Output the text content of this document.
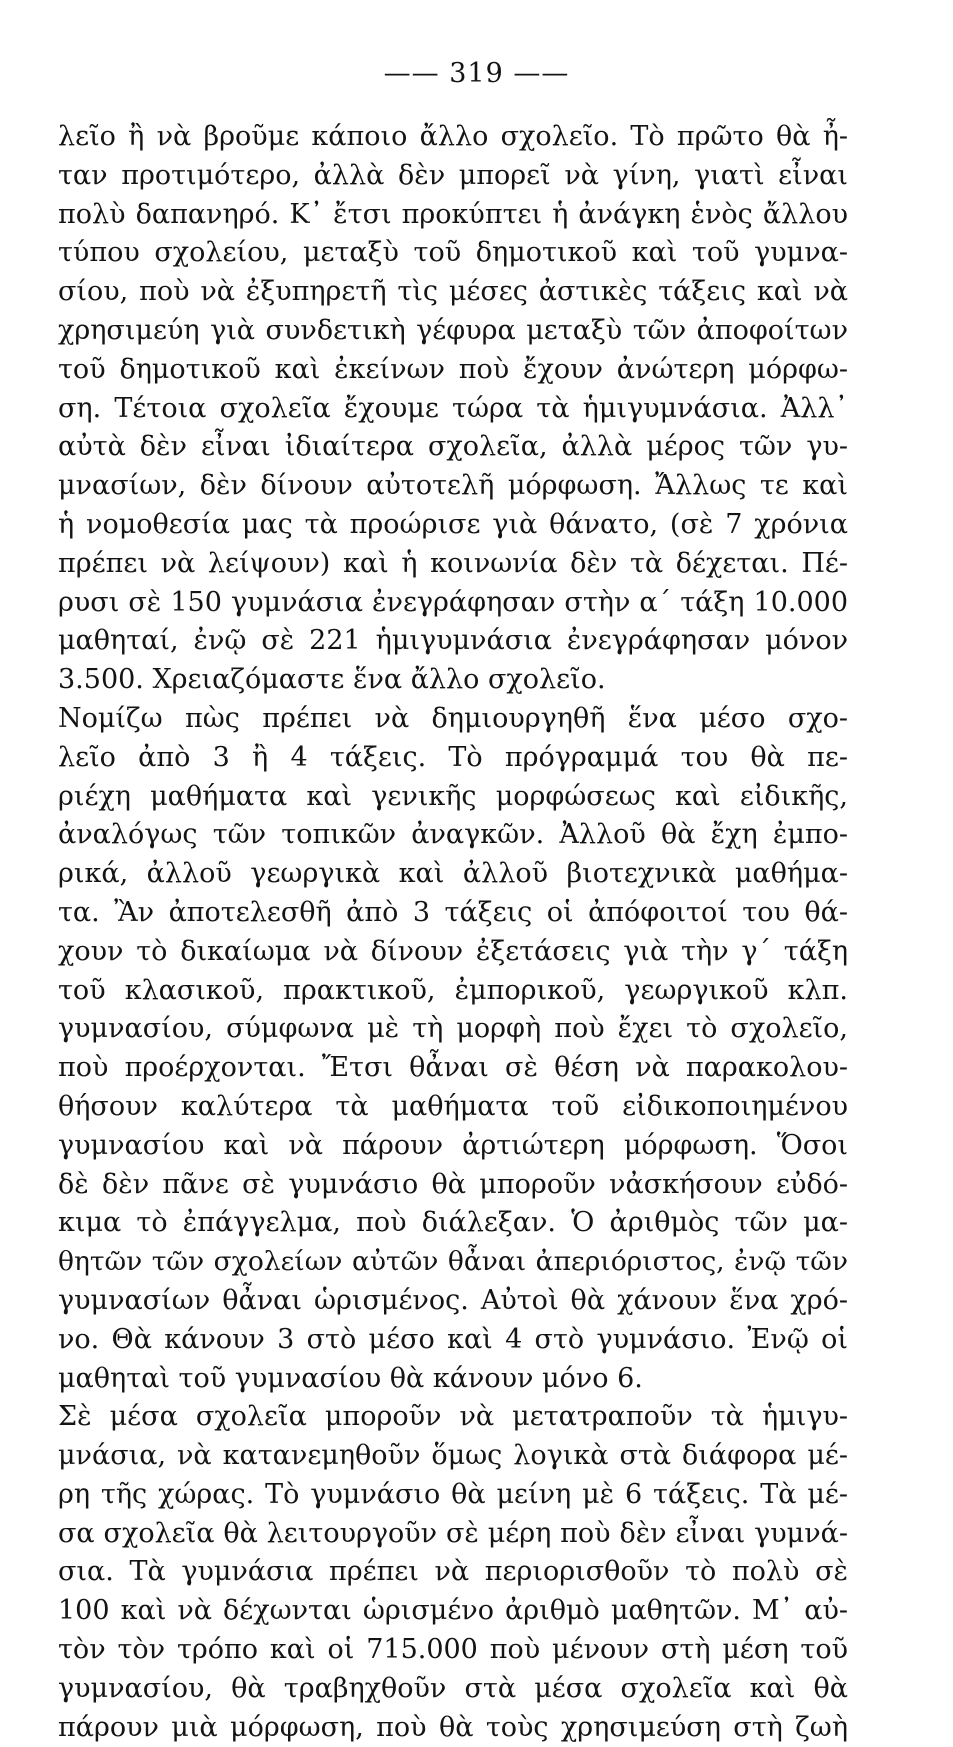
—— 319 ——
λεῖο ἢ νὰ βροῦμε κάποιο ἄλλο σχολεῖο. Τὸ πρῶτο θὰ ἦ-
ταν προτιμότερο, ἀλλὰ δὲν μπορεῖ νὰ γίνη, γιατὶ εἶναι
πολὺ δαπανηρό. Κ᾿ ἔτσι προκύπτει ἡ ἀνάγκη ἑνὸς ἄλλου
τύπου σχολείου, μεταξὺ τοῦ δημοτικοῦ καὶ τοῦ γυμνα-
σίου, ποὺ νὰ ἐξυπηρετῆ τὶς μέσες ἀστικὲς τάξεις καὶ νὰ
χρησιμεύη γιὰ συνδετικὴ γέφυρα μεταξὺ τῶν ἀποφοίτων
τοῦ δημοτικοῦ καὶ ἐκείνων ποὺ ἔχουν ἀνώτερη μόρφω-
ση. Τέτοια σχολεῖα ἔχουμε τώρα τὰ ἡμιγυμνάσια. Ἀλλ᾿
αὐτὰ δὲν εἶναι ἰδιαίτερα σχολεῖα, ἀλλὰ μέρος τῶν γυ-
μνασίων, δὲν δίνουν αὐτοτελῆ μόρφωση. Ἄλλως τε καὶ
ἡ νομοθεσία μας τὰ προώρισε γιὰ θάνατο, (σὲ 7 χρόνια
πρέπει νὰ λείψουν) καὶ ἡ κοινωνία δὲν τὰ δέχεται. Πέ-
ρυσι σὲ 150 γυμνάσια ἐνεγράφησαν στὴν α΄ τάξη 10.000
μαθηταί, ἐνῷ σὲ 221 ἡμιγυμνάσια ἐνεγράφησαν μόνον
3.500. Χρειαζόμαστε ἕνα ἄλλο σχολεῖο.
Νομίζω πὼς πρέπει νὰ δημιουργηθῆ ἕνα μέσο σχο-
λεῖο ἀπὸ 3 ἢ 4 τάξεις. Τὸ πρόγραμμά του θὰ πε-
ριέχη μαθήματα καὶ γενικῆς μορφώσεως καὶ εἰδικῆς,
ἀναλόγως τῶν τοπικῶν ἀναγκῶν. Ἀλλοῦ θὰ ἔχη ἐμπο-
ρικά, ἀλλοῦ γεωργικὰ καὶ ἀλλοῦ βιοτεχνικὰ μαθήμα-
τα. Ἂν ἀποτελεσθῆ ἀπὸ 3 τάξεις οἱ ἀπόφοιτοί του θά-
χουν τὸ δικαίωμα νὰ δίνουν ἐξετάσεις γιὰ τὴν γ΄ τάξη
τοῦ κλασικοῦ, πρακτικοῦ, ἐμπορικοῦ, γεωργικοῦ κλπ.
γυμνασίου, σύμφωνα μὲ τὴ μορφὴ ποὺ ἔχει τὸ σχολεῖο,
ποὺ προέρχονται. Ἔτσι θἆναι σὲ θέση νὰ παρακολου-
θήσουν καλύτερα τὰ μαθήματα τοῦ εἰδικοποιημένου
γυμνασίου καὶ νὰ πάρουν ἀρτιώτερη μόρφωση. Ὅσοι
δὲ δὲν πᾶνε σὲ γυμνάσιο θὰ μποροῦν νἀσκήσουν εὐδό-
κιμα τὸ ἐπάγγελμα, ποὺ διάλεξαν. Ὁ ἀριθμὸς τῶν μα-
θητῶν τῶν σχολείων αὐτῶν θἆναι ἀπεριόριστος, ἐνῷ τῶν
γυμνασίων θἆναι ὡρισμένος. Αὐτοὶ θὰ χάνουν ἕνα χρό-
νο. Θὰ κάνουν 3 στὸ μέσο καὶ 4 στὸ γυμνάσιο. Ἐνῷ οἱ
μαθηταὶ τοῦ γυμνασίου θὰ κάνουν μόνο 6.
Σὲ μέσα σχολεῖα μποροῦν νὰ μετατραποῦν τὰ ἡμιγυ-
μνάσια, νὰ κατανεμηθοῦν ὅμως λογικὰ στὰ διάφορα μέ-
ρη τῆς χώρας. Τὸ γυμνάσιο θὰ μείνη μὲ 6 τάξεις. Τὰ μέ-
σα σχολεῖα θὰ λειτουργοῦν σὲ μέρη ποὺ δὲν εἶναι γυμνά-
σια. Τὰ γυμνάσια πρέπει νὰ περιορισθοῦν τὸ πολὺ σὲ
100 καὶ νὰ δέχωνται ὡρισμένο ἀριθμὸ μαθητῶν. Μ᾿ αὐ-
τὸν τὸν τρόπο καὶ οἱ 715.000 ποὺ μένουν στὴ μέση τοῦ
γυμνασίου, θὰ τραβηχθοῦν στὰ μέσα σχολεῖα καὶ θὰ
πάρουν μιὰ μόρφωση, ποὺ θὰ τοὺς χρησιμεύση στὴ ζωὴ
